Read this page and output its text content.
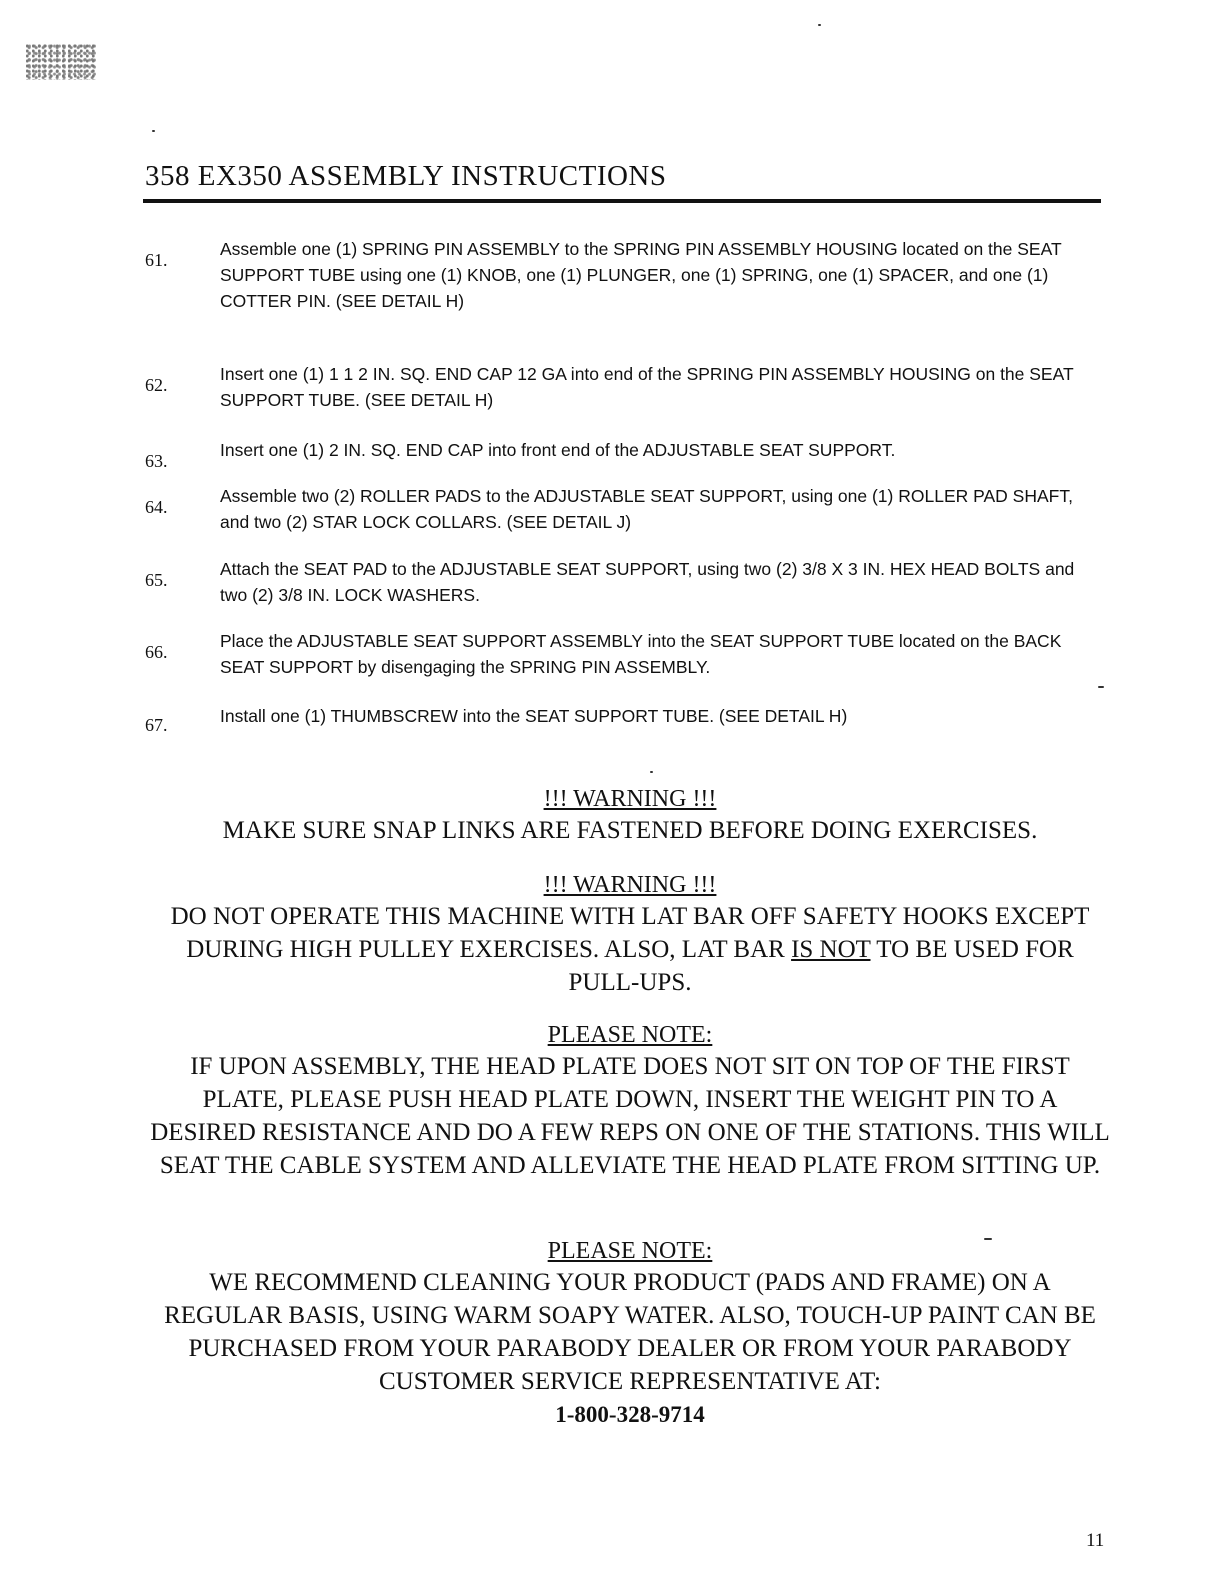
358 EX350 ASSEMBLY INSTRUCTIONS
61.
Assemble one (1) SPRING PIN ASSEMBLY to the SPRING PIN ASSEMBLY HOUSING located on the SEAT SUPPORT TUBE using one (1) KNOB, one (1) PLUNGER, one (1) SPRING, one (1) SPACER, and one (1) COTTER PIN. (SEE DETAIL H)
62.
Insert one (1) 1 1 2 IN. SQ. END CAP 12 GA into end of the SPRING PIN ASSEMBLY HOUSING on the SEAT SUPPORT TUBE. (SEE DETAIL H)
63.
Insert one (1) 2 IN. SQ. END CAP into front end of the ADJUSTABLE SEAT SUPPORT.
64.
Assemble two (2) ROLLER PADS to the ADJUSTABLE SEAT SUPPORT, using one (1) ROLLER PAD SHAFT, and two (2) STAR LOCK COLLARS. (SEE DETAIL J)
65.
Attach the SEAT PAD to the ADJUSTABLE SEAT SUPPORT, using two (2) 3/8 X 3 IN. HEX HEAD BOLTS and two (2) 3/8 IN. LOCK WASHERS.
66.
Place the ADJUSTABLE SEAT SUPPORT ASSEMBLY into the SEAT SUPPORT TUBE located on the BACK SEAT SUPPORT by disengaging the SPRING PIN ASSEMBLY.
67.	Install one (1) THUMBSCREW into the SEAT SUPPORT TUBE. (SEE DETAIL H)
!!! WARNING !!!
MAKE SURE SNAP LINKS ARE FASTENED BEFORE DOING EXERCISES.
!!! WARNING !!!
DO NOT OPERATE THIS MACHINE WITH LAT BAR OFF SAFETY HOOKS EXCEPT DURING HIGH PULLEY EXERCISES. ALSO, LAT BAR IS NOT TO BE USED FOR PULL-UPS.
PLEASE NOTE:
IF UPON ASSEMBLY, THE HEAD PLATE DOES NOT SIT ON TOP OF THE FIRST PLATE, PLEASE PUSH HEAD PLATE DOWN, INSERT THE WEIGHT PIN TO A DESIRED RESISTANCE AND DO A FEW REPS ON ONE OF THE STATIONS. THIS WILL SEAT THE CABLE SYSTEM AND ALLEVIATE THE HEAD PLATE FROM SITTING UP.
PLEASE NOTE:
WE RECOMMEND CLEANING YOUR PRODUCT (PADS AND FRAME) ON A REGULAR BASIS, USING WARM SOAPY WATER. ALSO, TOUCH-UP PAINT CAN BE PURCHASED FROM YOUR PARABODY DEALER OR FROM YOUR PARABODY CUSTOMER SERVICE REPRESENTATIVE AT:
1-800-328-9714
11
